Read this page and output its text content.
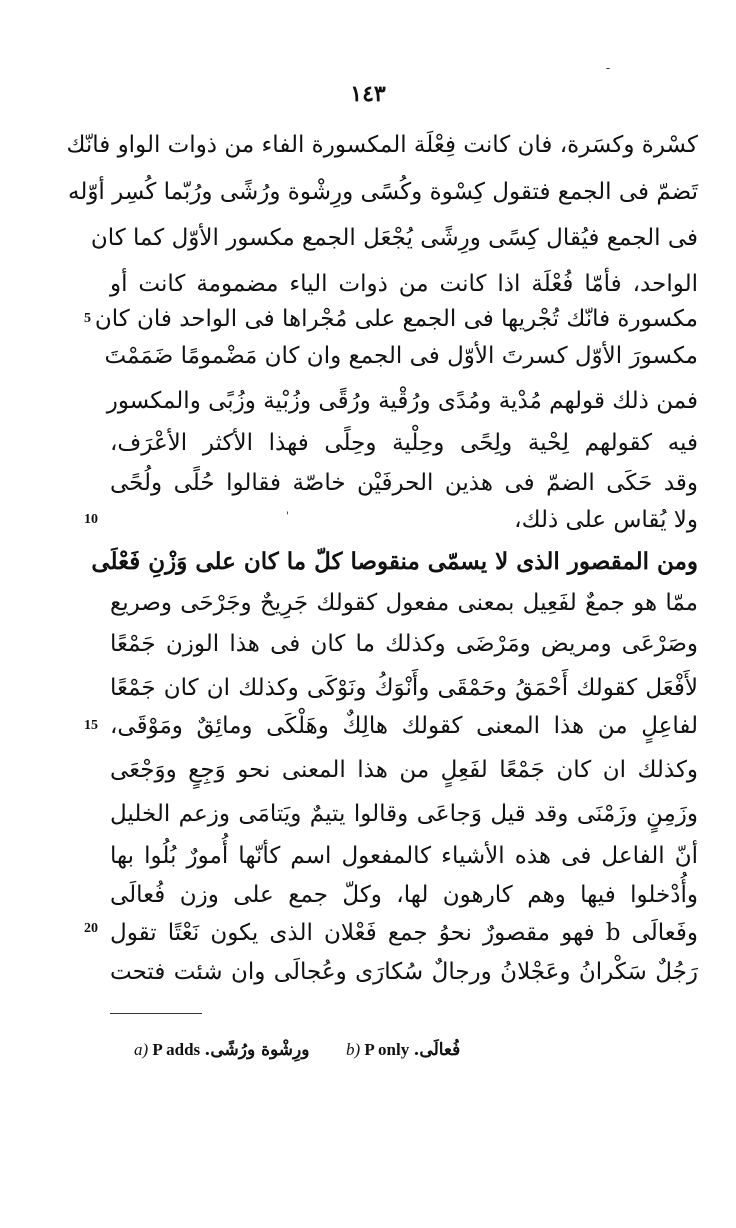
-
١٤٣
كسْرة وكسَرة، فان كانت فِعْلَة المكسورة الفاء من ذوات الواو فانّك
تَضمّ فى الجمع فتقول كِسْوة وكُسًى ورِشْوة ورُشًى ورُبّما كُسِر أوّله
فى الجمع فيُقال كِسًى ورِشًى يُجْعَل الجمع مكسور الأوّل كما كان
الواحد، فأمّا فُعْلَة اذا كانت من ذوات الياء مضمومة كانت أو
مكسورة فانّك تُجْريها فى الجمع على مُجْراها فى الواحد فان كان
5
مكسورَ الأوّل كسرتَ الأوّل فى الجمع وان كان مَضْمومًا ضَمَمْتَ
فمن ذلك قولهم مُدْية ومُدًى ورُقْية ورُقًى وزُبْية وزُبًى والمكسور
فيه كقولهم لِحْية ولِحًى وحِلْية وحِلًى فهذا الأكثر الأعْرَف،
وقد حَكَى الضمّ فى هذين الحرفَيْن خاصّة فقالوا حُلًى ولُحًى
ولا يُقاس على ذلك،
10	'
ومن المقصور الذى لا يسمّى منقوصا كلّ ما كان على وَزْنِ فَعْلَى
ممّا هو جمعٌ لفَعِيل بمعنى مفعول كقولك جَرِيحٌ وجَرْحَى وصريع
وصَرْعَى ومريض ومَرْضَى وكذلك ما كان فى هذا الوزن جَمْعًا
لأَفْعَل كقولك أَحْمَقُ وحَمْقَى وأَنْوَكُ ونَوْكَى وكذلك ان كان جَمْعًا
لفاعِلٍ من هذا المعنى كقولك هالِكٌ وهَلْكَى ومائِقٌ ومَوْقَى،
15
وكذلك ان كان جَمْعًا لفَعِلٍ من هذا المعنى نحو وَجِعٍ ووَجْعَى
وزَمِنٍ وزَمْنَى وقد قيل وَجاعَى وقالوا يتيمٌ ويَتامَى وزعم الخليل
أنّ الفاعل فى هذه الأشياء كالمفعول اسم كأنّها أُمورٌ بُلُوا بها
وأُدْخلوا فيها وهم كارهون لها، وكلّ جمع على وزن فُعالَى
وفَعالَى b فهو مقصورٌ نحوُ جمع فَعْلان الذى يكون نَعْتًا تقول
20
رَجُلٌ سَكْرانُ وعَجْلانُ ورجالٌ سُكارَى وعُجالَى وان شئت فتحت
a) P adds ورِشْوة ورُشًى. b) P only فُعالَى.
